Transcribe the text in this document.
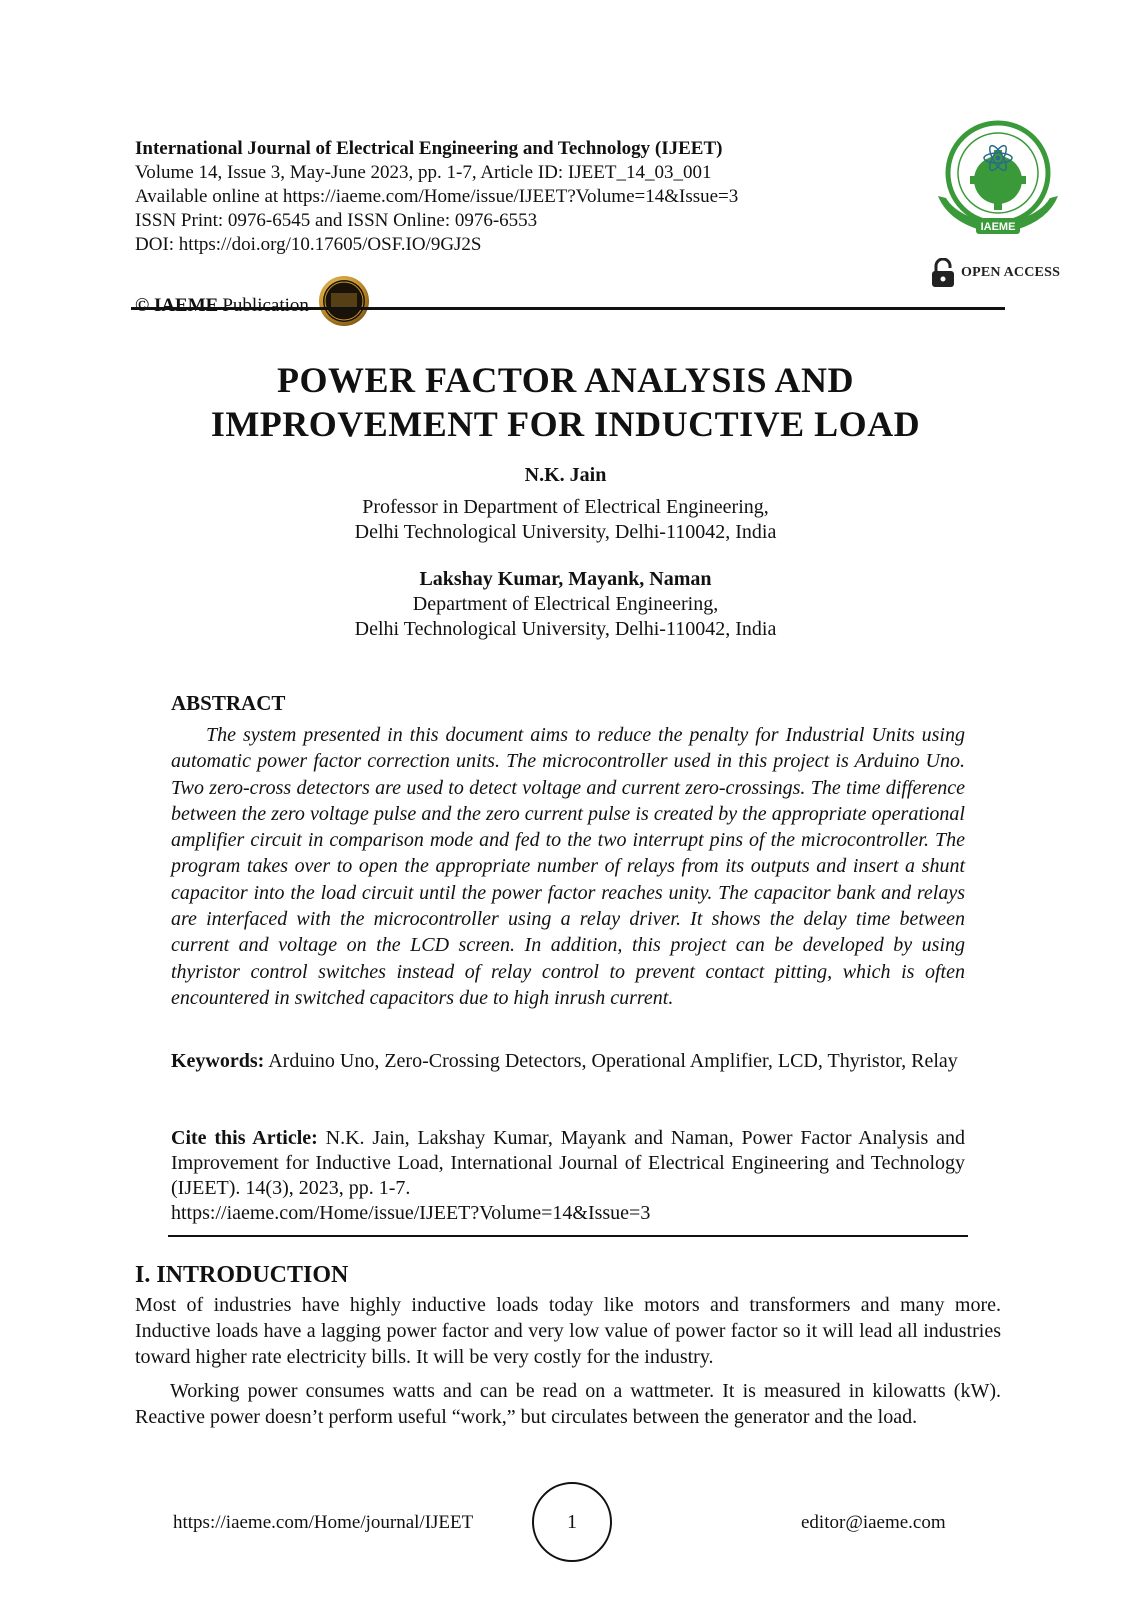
International Journal of Electrical Engineering and Technology (IJEET)
Volume 14, Issue 3, May-June 2023, pp. 1-7, Article ID: IJEET_14_03_001
Available online at https://iaeme.com/Home/issue/IJEET?Volume=14&Issue=3
ISSN Print: 0976-6545 and ISSN Online: 0976-6553
DOI: https://doi.org/10.17605/OSF.IO/9GJ2S
© IAEME Publication
IAEME
OPEN ACCESS
POWER FACTOR ANALYSIS AND
IMPROVEMENT FOR INDUCTIVE LOAD
N.K. Jain
Professor in Department of Electrical Engineering,
Delhi Technological University, Delhi-110042, India
Lakshay Kumar, Mayank, Naman
Department of Electrical Engineering,
Delhi Technological University, Delhi-110042, India
ABSTRACT
The system presented in this document aims to reduce the penalty for Industrial Units using automatic power factor correction units. The microcontroller used in this project is Arduino Uno. Two zero-cross detectors are used to detect voltage and current zero-crossings. The time difference between the zero voltage pulse and the zero current pulse is created by the appropriate operational amplifier circuit in comparison mode and fed to the two interrupt pins of the microcontroller. The program takes over to open the appropriate number of relays from its outputs and insert a shunt capacitor into the load circuit until the power factor reaches unity. The capacitor bank and relays are interfaced with the microcontroller using a relay driver. It shows the delay time between current and voltage on the LCD screen. In addition, this project can be developed by using thyristor control switches instead of relay control to prevent contact pitting, which is often encountered in switched capacitors due to high inrush current.
Keywords: Arduino Uno, Zero-Crossing Detectors, Operational Amplifier, LCD, Thyristor, Relay
Cite this Article: N.K. Jain, Lakshay Kumar, Mayank and Naman, Power Factor Analysis and Improvement for Inductive Load, International Journal of Electrical Engineering and Technology (IJEET). 14(3), 2023, pp. 1-7.
https://iaeme.com/Home/issue/IJEET?Volume=14&Issue=3
I. INTRODUCTION
Most of industries have highly inductive loads today like motors and transformers and many more. Inductive loads have a lagging power factor and very low value of power factor so it will lead all industries toward higher rate electricity bills. It will be very costly for the industry.
Working power consumes watts and can be read on a wattmeter. It is measured in kilowatts (kW). Reactive power doesn’t perform useful “work,” but circulates between the generator and the load.
https://iaeme.com/Home/journal/IJEET	1	editor@iaeme.com
